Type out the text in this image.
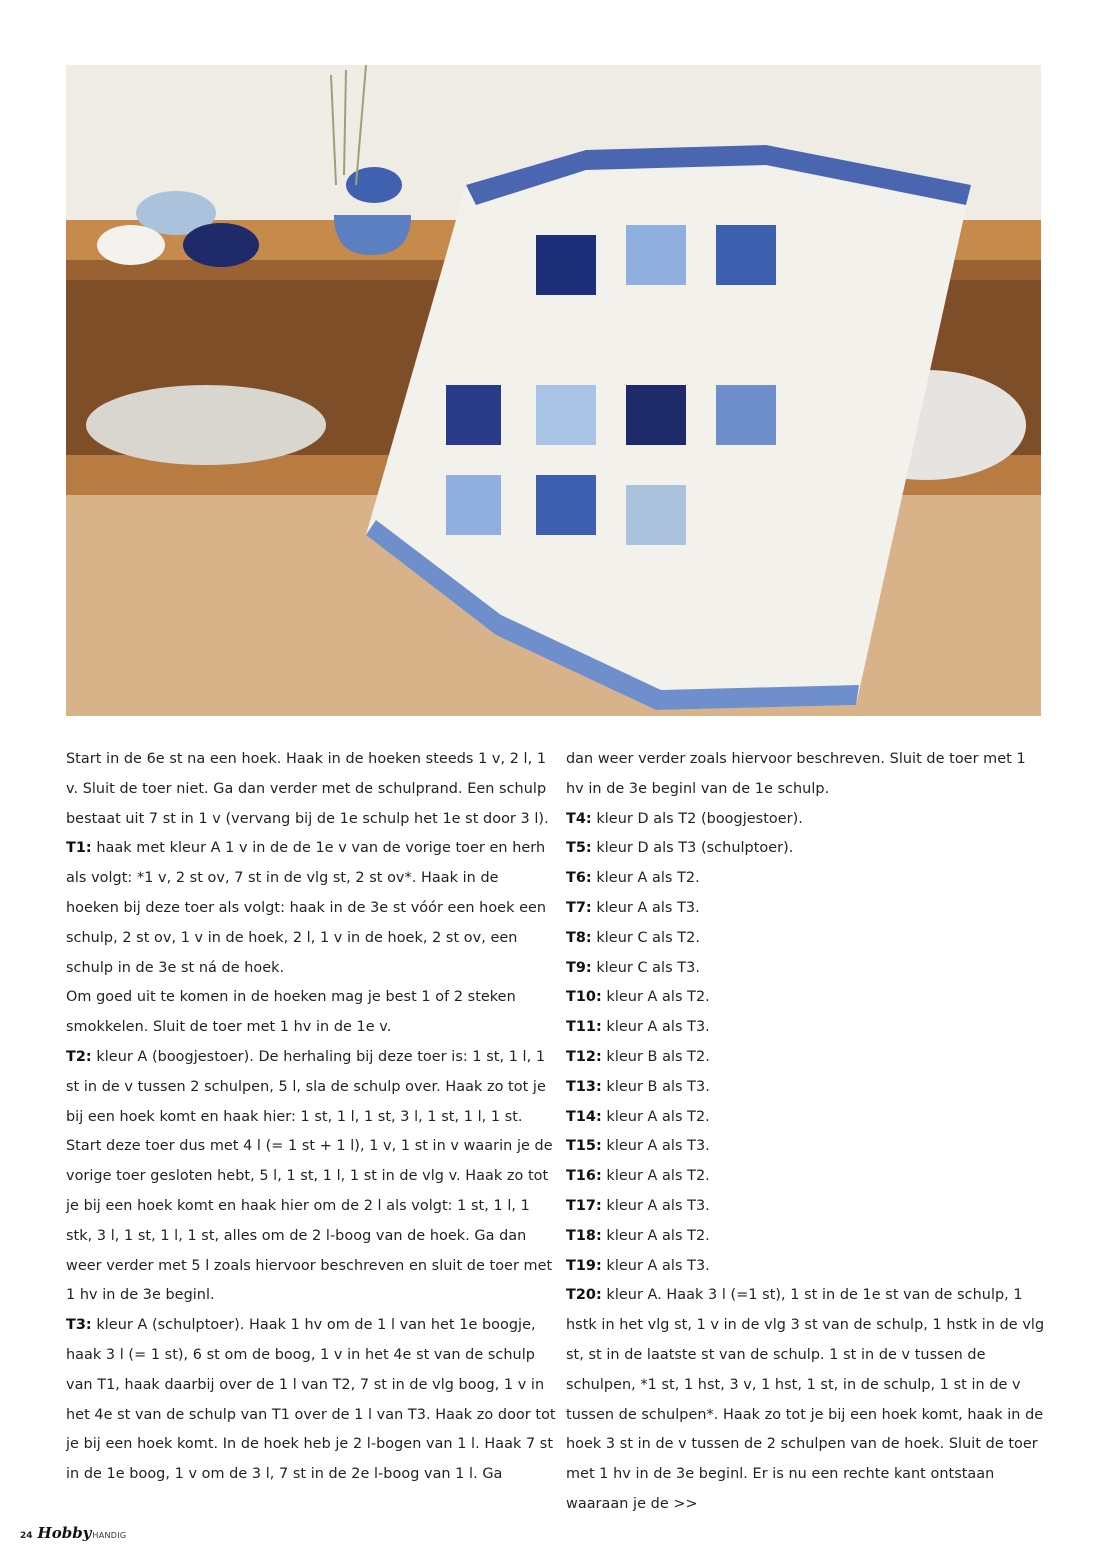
Start in de 6e st na een hoek. Haak in de hoeken steeds 1 v, 2 l, 1 v. Sluit de toer niet. Ga dan verder met de schulprand. Een schulp bestaat uit 7 st in 1 v (vervang bij de 1e schulp het 1e st door 3 l).

T1: haak met kleur A 1 v in de de 1e v van de vorige toer en herh als volgt: *1 v, 2 st ov, 7 st in de vlg st, 2 st ov*. Haak in de hoeken bij deze toer als volgt: haak in de 3e st vóór een hoek een schulp, 2 st ov, 1 v in de hoek, 2 l, 1 v in de hoek, 2 st ov, een schulp in de 3e st ná de hoek.

Om goed uit te komen in de hoeken mag je best 1 of 2 steken smokkelen. Sluit de toer met 1 hv in de 1e v.

T2: kleur A (boogjestoer). De herhaling bij deze toer is: 1 st, 1 l, 1 st in de v tussen 2 schulpen, 5 l, sla de schulp over. Haak zo tot je bij een hoek komt en haak hier: 1 st, 1 l, 1 st, 3 l, 1 st, 1 l, 1 st. Start deze toer dus met 4 l (= 1 st + 1 l), 1 v, 1 st in v waarin je de vorige toer gesloten hebt, 5 l, 1 st, 1 l, 1 st in de vlg v. Haak zo tot je bij een hoek komt en haak hier om de 2 l als volgt: 1 st, 1 l, 1 stk, 3 l, 1 st, 1 l, 1 st, alles om de 2 l-boog van de hoek. Ga dan weer verder met 5 l zoals hiervoor beschreven en sluit de toer met 1 hv in de 3e beginl.

T3: kleur A (schulptoer). Haak 1 hv om de 1 l van het 1e boogje, haak 3 l (= 1 st), 6 st om de boog, 1 v in het 4e st van de schulp van T1, haak daarbij over de 1 l van T2, 7 st in de vlg boog, 1 v in het 4e st van de schulp van T1 over de 1 l van T3. Haak zo door tot je bij een hoek komt. In de hoek heb je 2 l-bogen van 1 l. Haak 7 st in de 1e boog, 1 v om de 3 l, 7 st in de 2e l-boog van 1 l. Ga

dan weer verder zoals hiervoor beschreven. Sluit de toer met 1 hv in de 3e beginl van de 1e schulp.

T4: kleur D als T2 (boogjestoer).

T5: kleur D als T3 (schulptoer).

T6: kleur A als T2.

T7: kleur A als T3.

T8: kleur C als T2.

T9: kleur C als T3.

T10: kleur A als T2.

T11: kleur A als T3.

T12: kleur B als T2.

T13: kleur B als T3.

T14: kleur A als T2.

T15: kleur A als T3.

T16: kleur A als T2.

T17: kleur A als T3.

T18: kleur A als T2.

T19: kleur A als T3.

T20: kleur A. Haak 3 l (=1 st), 1 st in de 1e st van de schulp, 1 hstk in het vlg st, 1 v in de vlg 3 st van de schulp, 1 hstk in de vlg st, st in de laatste st van de schulp. 1 st in de v tussen de schulpen, *1 st, 1 hst, 3 v, 1 hst, 1 st, in de schulp, 1 st in de v tussen de schulpen*. Haak zo tot je bij een hoek komt, haak in de hoek 3 st in de v tussen de 2 schulpen van de hoek. Sluit de toer met 1 hv in de 3e beginl. Er is nu een rechte kant ontstaan waaraan je de >>

24 Hobby HANDIG
